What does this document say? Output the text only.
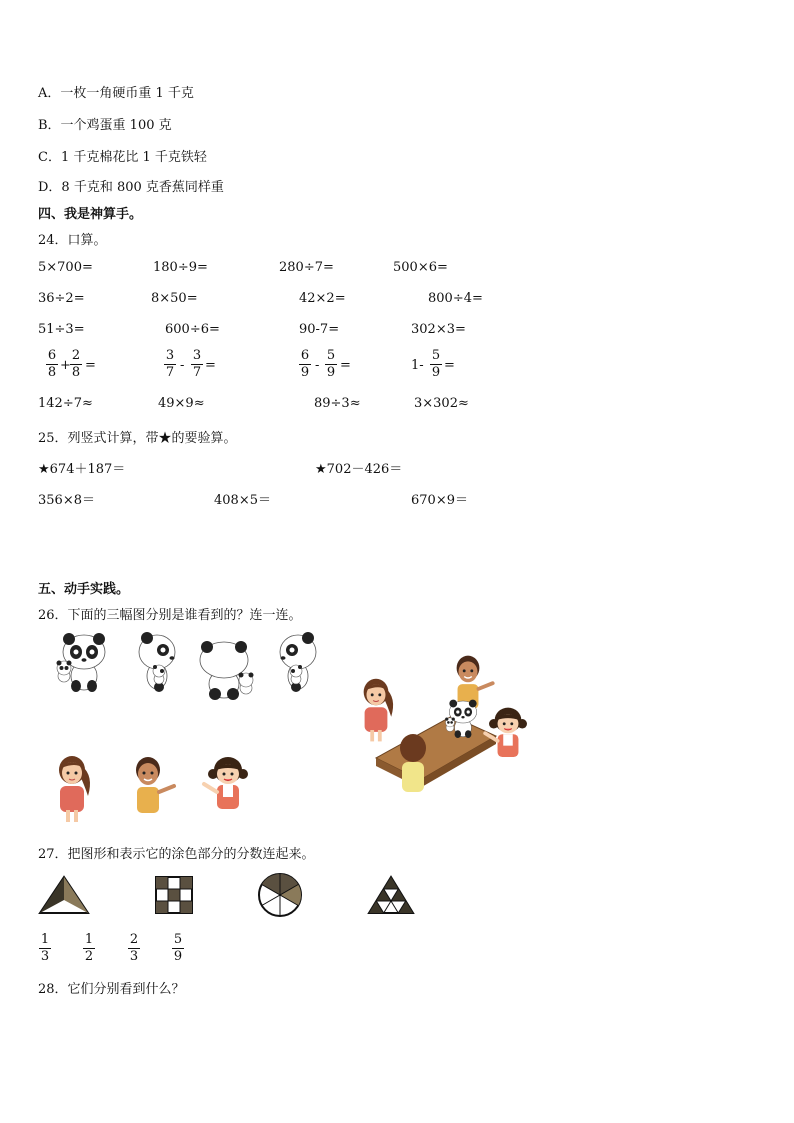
A．一枚一角硬币重 1 千克
B．一个鸡蛋重 100 克
C．1 千克棉花比 1 千克铁轻
D．8 千克和 800 克香蕉同样重
四、我是神算手。
24．口算。
5×700=	180÷9=	280÷7=	500×6=
36÷2=	8×50=	42×2=	800÷4=
51÷3=	600÷6=	90-7=	302×3=
$\frac{6}{8} + \frac{2}{8}$ =	$\frac{3}{7} - \frac{3}{7}$ =	$\frac{6}{9} - \frac{5}{9}$ =	$1- \frac{5}{9}$ =
142÷7≈	49×9≈	89÷3≈	3×302≈
25．列竖式计算，带★的要验算。
★674＋187＝	★702－426＝
356×8＝	408×5＝	670×9＝
五、动手实践。
26．下面的三幅图分别是谁看到的？连一连。
27．把图形和表示它的涂色部分的分数连起来。
$\frac{1}{3} \frac{1}{2}$	$\frac{2}{3} \frac{5}{9}$
28．它们分别看到什么？
